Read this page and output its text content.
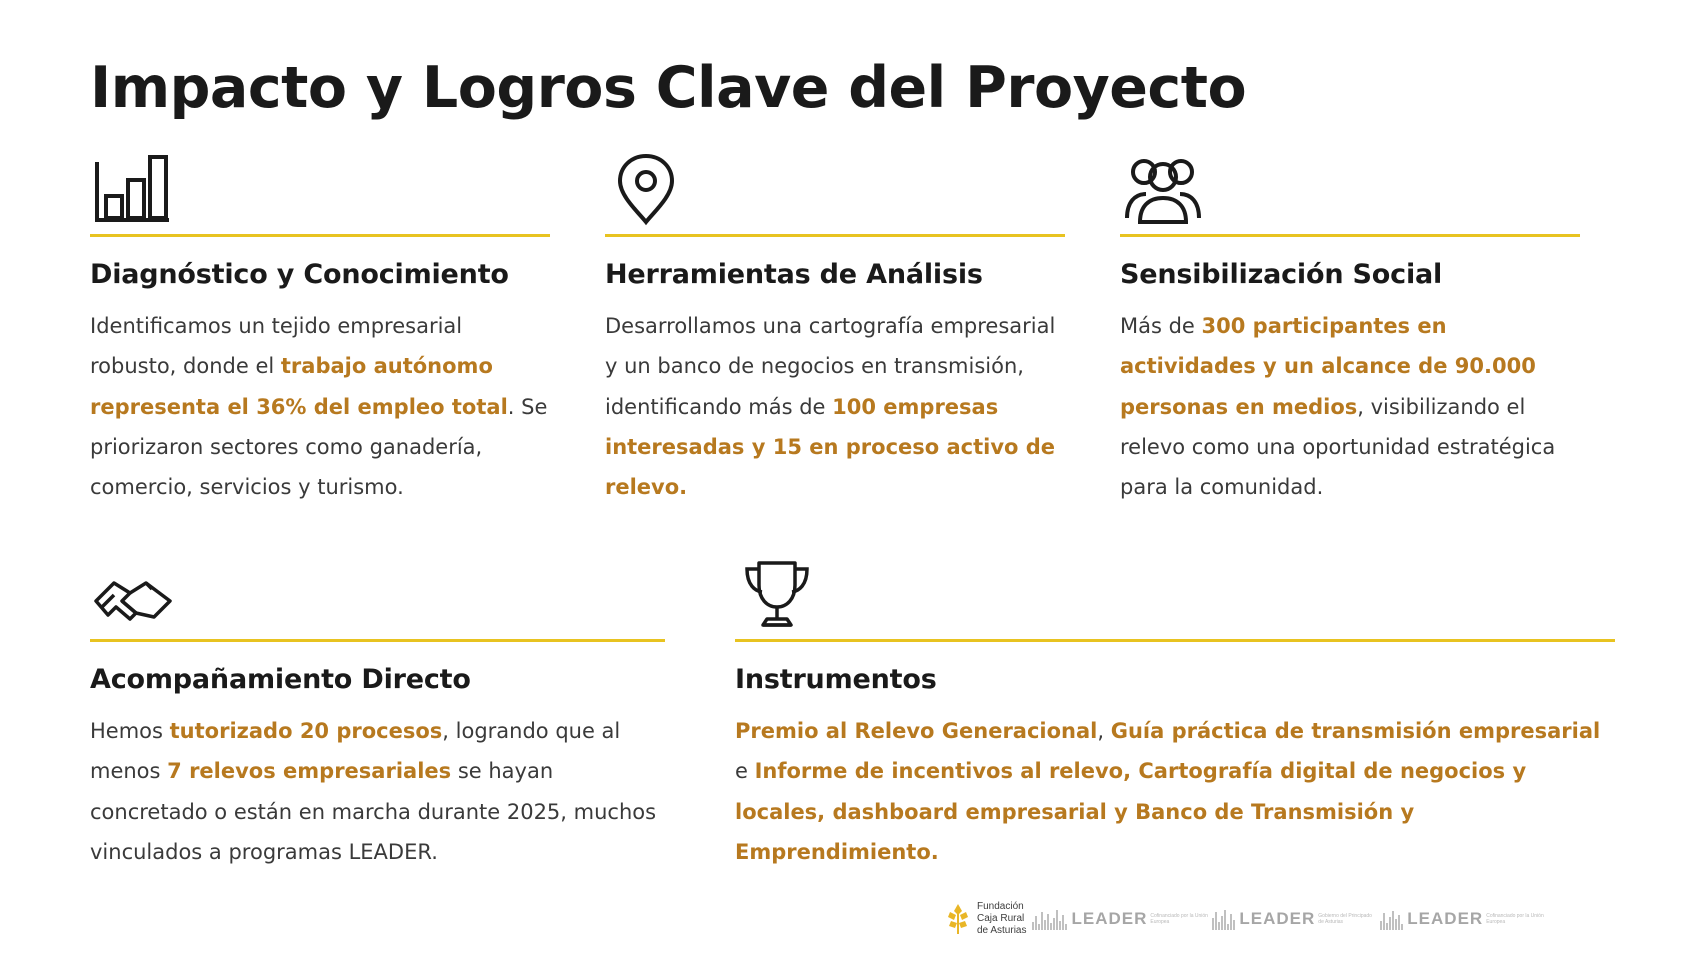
Impacto y Logros Clave del Proyecto
Diagnóstico y Conocimiento
Identificamos un tejido empresarial robusto, donde el trabajo autónomo representa el 36% del empleo total. Se priorizaron sectores como ganadería, comercio, servicios y turismo.
Herramientas de Análisis
Desarrollamos una cartografía empresarial y un banco de negocios en transmisión, identificando más de 100 empresas interesadas y 15 en proceso activo de relevo.
Sensibilización Social
Más de 300 participantes en actividades y un alcance de 90.000 personas en medios, visibilizando el relevo como una oportunidad estratégica para la comunidad.
Acompañamiento Directo
Hemos tutorizado 20 procesos, logrando que al menos 7 relevos empresariales se hayan concretado o están en marcha durante 2025, muchos vinculados a programas LEADER.
Instrumentos
Premio al Relevo Generacional, Guía práctica de transmisión empresarial e Informe de incentivos al relevo, Cartografía digital de negocios y locales, dashboard empresarial y Banco de Transmisión y Emprendimiento.
Fundación
Caja Rural
de Asturias
LEADER Cofinanciado por la Unión Europea	LEADER Gobierno del Principado de Asturias	LEADER Cofinanciado por la Unión Europea
